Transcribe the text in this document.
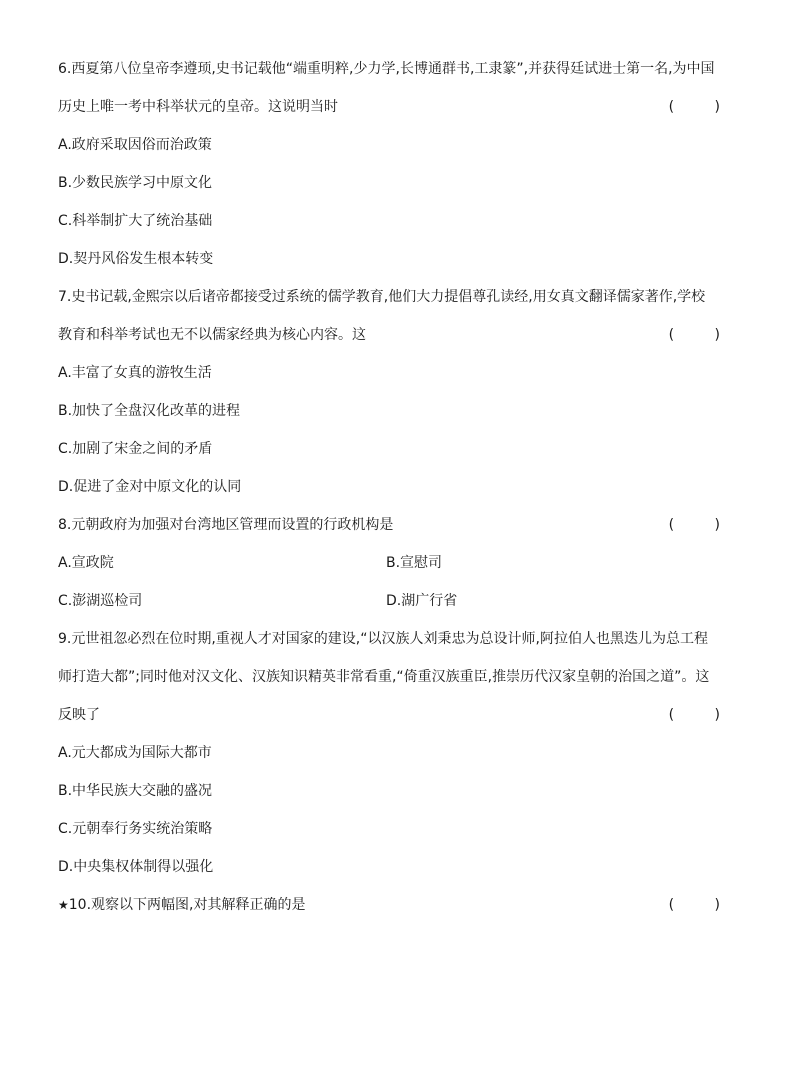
6.西夏第八位皇帝李遵顼,史书记载他“端重明粹,少力学,长博通群书,工隶篆”,并获得廷试进士第一名,为中国
历史上唯一考中科举状元的皇帝。这说明当时	( )
A.政府采取因俗而治政策
B.少数民族学习中原文化
C.科举制扩大了统治基础
D.契丹风俗发生根本转变
7.史书记载,金熙宗以后诸帝都接受过系统的儒学教育,他们大力提倡尊孔读经,用女真文翻译儒家著作,学校
教育和科举考试也无不以儒家经典为核心内容。这	( )
A.丰富了女真的游牧生活
B.加快了全盘汉化改革的进程
C.加剧了宋金之间的矛盾
D.促进了金对中原文化的认同
8.元朝政府为加强对台湾地区管理而设置的行政机构是	( )
A.宣政院	B.宣慰司
C.澎湖巡检司	D.湖广行省
9.元世祖忽必烈在位时期,重视人才对国家的建设,“以汉族人刘秉忠为总设计师,阿拉伯人也黑迭儿为总工程
师打造大都”;同时他对汉文化、汉族知识精英非常看重,“倚重汉族重臣,推崇历代汉家皇朝的治国之道”。这
反映了	( )
A.元大都成为国际大都市
B.中华民族大交融的盛况
C.元朝奉行务实统治策略
D.中央集权体制得以强化
★10.观察以下两幅图,对其解释正确的是	( )
